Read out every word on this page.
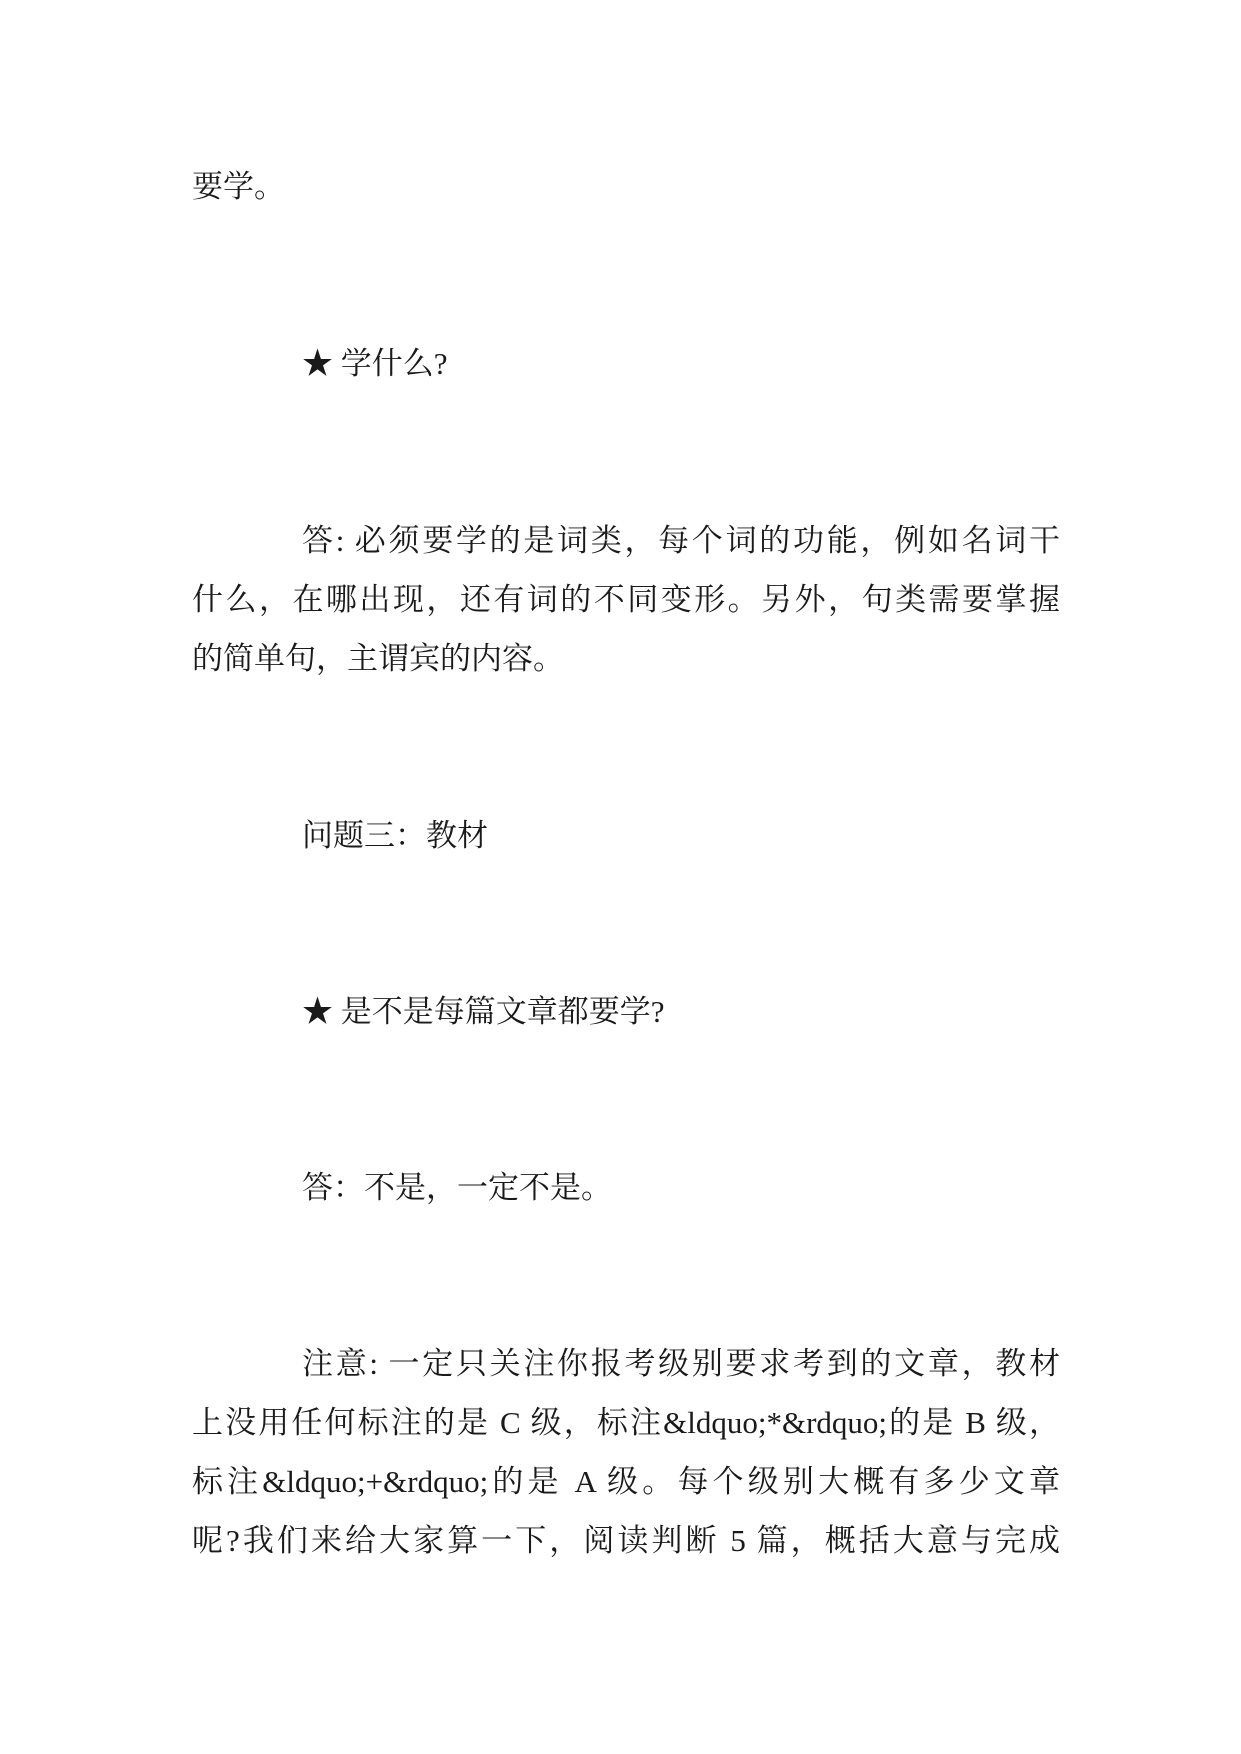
要学。
★ 学什么?
答: 必须要学的是词类，每个词的功能，例如名词干
什么，在哪出现，还有词的不同变形。另外，句类需要掌握
的简单句，主谓宾的内容。
问题三：教材
★ 是不是每篇文章都要学?
答：不是，一定不是。
注意: 一定只关注你报考级别要求考到的文章，教材
上没用任何标注的是 C 级，标注&ldquo;*&rdquo;的是 B 级，
标注&ldquo;+&rdquo;的是 A 级。每个级别大概有多少文章
呢?我们来给大家算一下，阅读判断 5 篇，概括大意与完成
